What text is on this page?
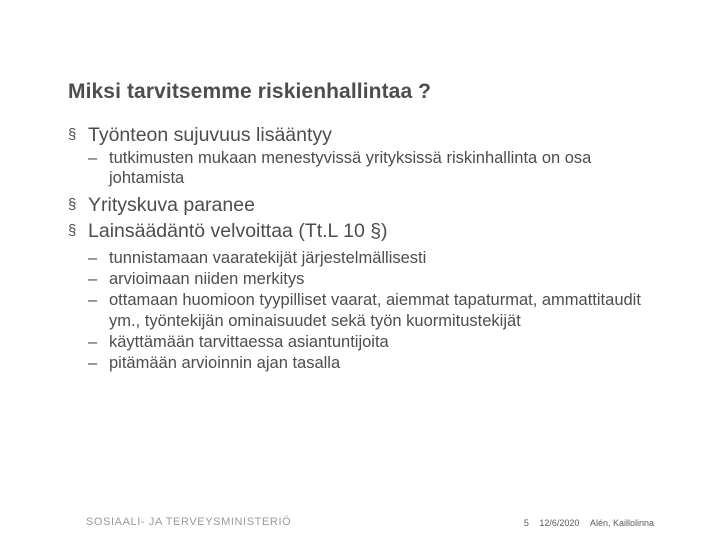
Miksi tarvitsemme riskienhallintaa ?
§ Työnteon sujuvuus lisääntyy
– tutkimusten mukaan menestyvissä yrityksissä riskinhallinta on osa johtamista
§ Yrityskuva paranee
§ Lainsäädäntö velvoittaa (Tt.L 10 §)
– tunnistamaan vaaratekijät järjestelmällisesti
– arvioimaan niiden merkitys
– ottamaan huomioon tyypilliset vaarat, aiemmat tapaturmat, ammattitaudit ym., työntekijän ominaisuudet sekä työn kuormitustekijät
– käyttämään tarvittaessa asiantuntijoita
– pitämään arvioinnin ajan tasalla
SOSIAALI- JA TERVEYSMINISTERIÖ	5 12/6/2020 Alén, Kaillolinna
